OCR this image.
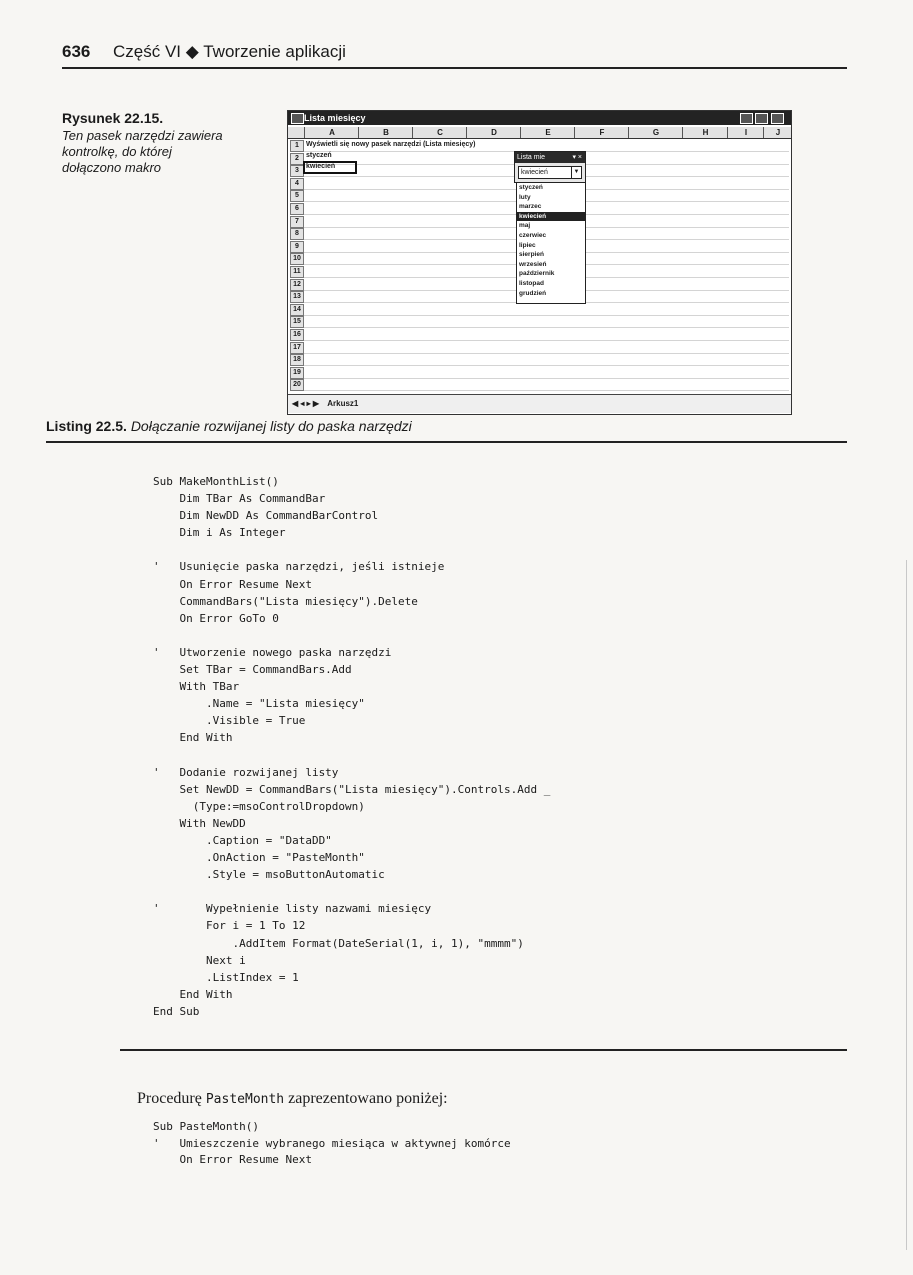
636 Część VI ◆ Tworzenie aplikacji
Rysunek 22.15.
Ten pasek narzędzi zawiera kontrolkę, do której dołączono makro
Lista miesięcy
A	B	C	D	E	F	G	H	I	J
1
2
3
4
5
6
7
8
9
10
11
12
13
14
15
16
17
18
19
20
Wyświetli się nowy pasek narzędzi (Lista miesięcy)
styczeń
kwiecień
Lista mie	▾ ×
kwiecień	▼
styczeń
luty
marzec
kwiecień
maj
czerwiec
lipiec
sierpień
wrzesień
październik
listopad
grudzień
◀ ◂ ▸ ▶ Arkusz1
Listing 22.5. Dołączanie rozwijanej listy do paska narzędzi
Sub MakeMonthList()
Dim TBar As CommandBar
Dim NewDD As CommandBarControl
Dim i As Integer

'   Usunięcie paska narzędzi, jeśli istnieje
On Error Resume Next
CommandBars("Lista miesięcy").Delete
On Error GoTo 0

'   Utworzenie nowego paska narzędzi
Set TBar = CommandBars.Add
With TBar
.Name = "Lista miesięcy"
.Visible = True
End With

'   Dodanie rozwijanej listy
Set NewDD = CommandBars("Lista miesięcy").Controls.Add _
(Type:=msoControlDropdown)
With NewDD
.Caption = "DataDD"
.OnAction = "PasteMonth"
.Style = msoButtonAutomatic

'       Wypełnienie listy nazwami miesięcy
For i = 1 To 12
.AddItem Format(DateSerial(1, i, 1), "mmmm")
Next i
.ListIndex = 1
End With
End Sub
Procedurę PasteMonth zaprezentowano poniżej:
Sub PasteMonth()
'   Umieszczenie wybranego miesiąca w aktywnej komórce
On Error Resume Next
